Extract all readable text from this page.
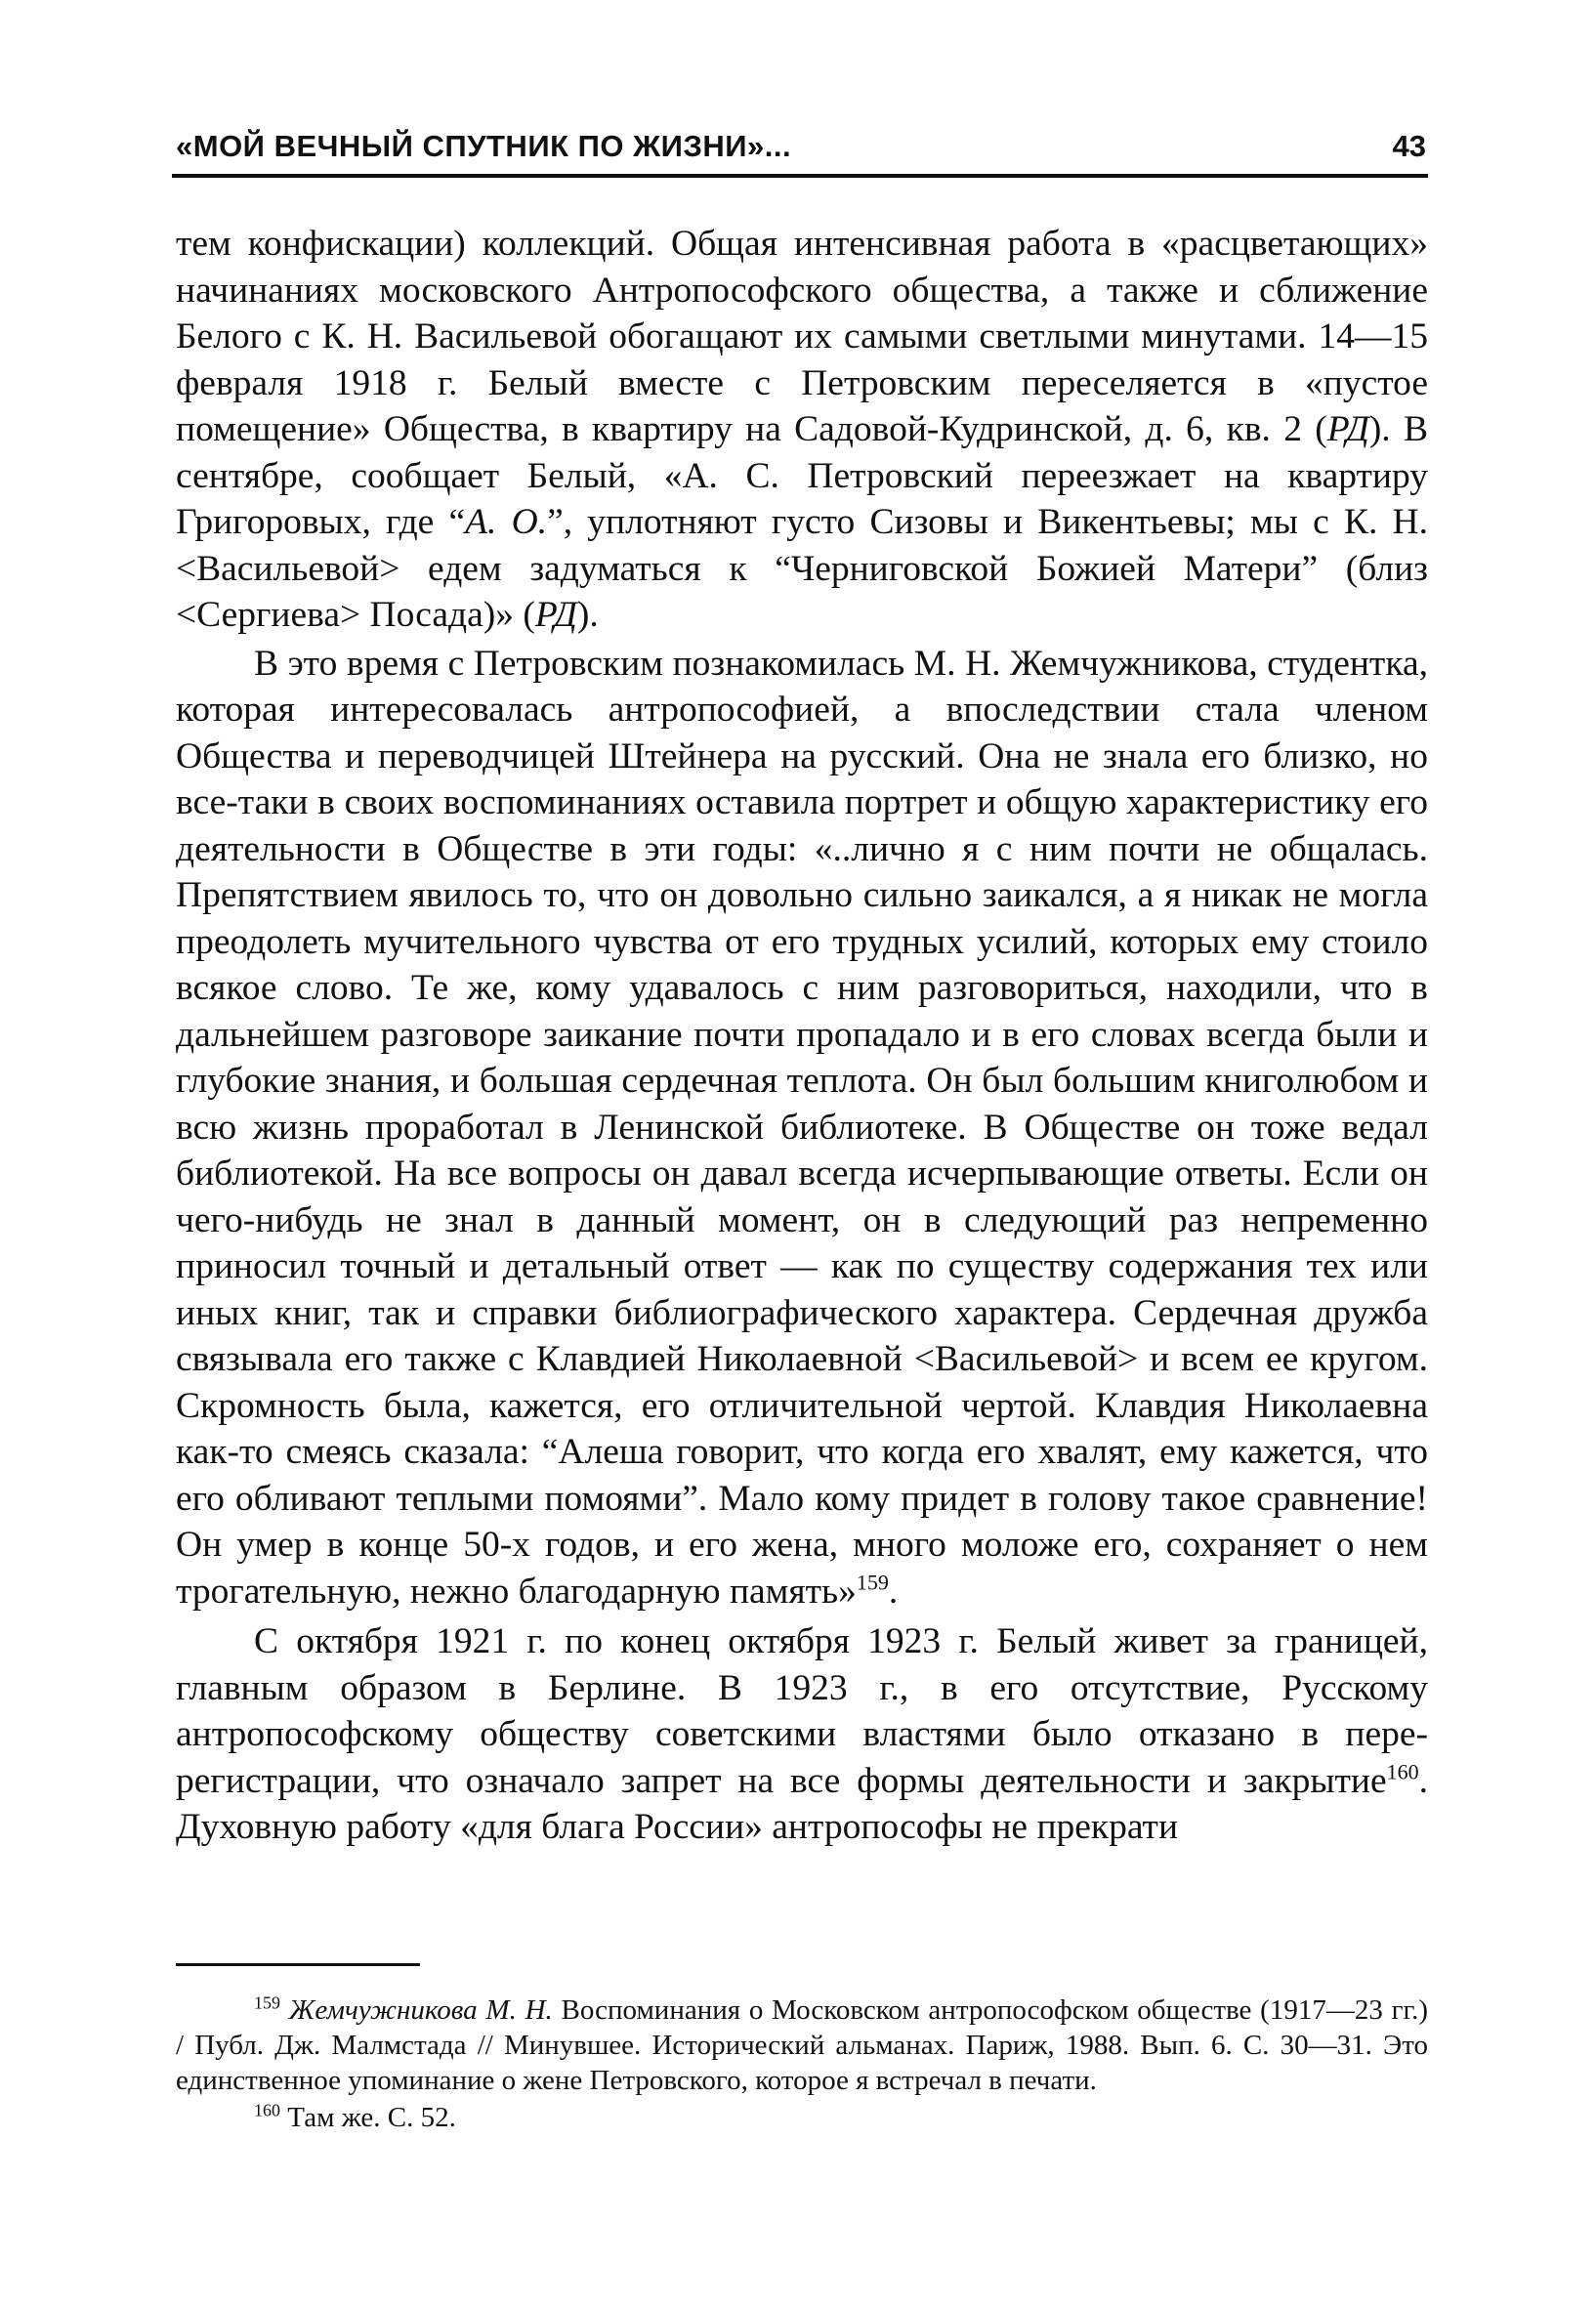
«МОЙ ВЕЧНЫЙ СПУТНИК ПО ЖИЗНИ»...	43

тем конфискации) коллекций. Общая интенсивная работа в «расцветающих» начинаниях московского Антропософского общества, а также и сближение Белого с К. Н. Васильевой обогащают их самыми светлыми минутами. 14—15 февраля 1918 г. Белый вместе с Петровским переселяется в «пустое помещение» Общества, в квартиру на Садовой-Кудринской, д. 6, кв. 2 (РД). В сентябре, сообщает Белый, «А. С. Петровский переезжает на квартиру Григоровых, где “А. О.”, уплотняют густо Сизовы и Викентьевы; мы с К. Н. <Васильевой> едем задуматься к “Черниговской Божией Матери” (близ <Сергиева> Посада)» (РД).

В это время с Петровским познакомилась М. Н. Жемчужникова, студентка, которая интересовалась антропософией, а впоследствии стала членом Общества и переводчицей Штейнера на русский. Она не знала его близко, но все-таки в своих воспоминаниях оставила портрет и общую характеристику его деятельности в Обществе в эти годы: «..лично я с ним почти не общалась. Препятствием явилось то, что он довольно сильно заикался, а я никак не могла преодолеть мучительного чувства от его трудных усилий, которых ему стоило всякое слово. Те же, кому удавалось с ним разговориться, находили, что в дальнейшем разговоре заикание почти пропадало и в его словах всегда были и глубокие знания, и большая сердечная теплота. Он был большим книголюбом и всю жизнь проработал в Ленинской библиотеке. В Обществе он тоже ведал библиотекой. На все вопросы он давал всегда исчерпывающие ответы. Если он чего-нибудь не знал в данный момент, он в следующий раз непременно приносил точный и детальный ответ — как по существу содержания тех или иных книг, так и справки библиографического характера. Сердечная дружба связывала его также с Клавдией Николаевной <Васильевой> и всем ее кругом. Скромность была, кажется, его отличительной чертой. Клавдия Николаевна как-то смеясь сказала: “Алеша говорит, что когда его хвалят, ему кажется, что его обливают теплыми помоями”. Мало кому придет в голову такое сравнение! Он умер в конце 50-х годов, и его жена, много моложе его, сохраняет о нем трогательную, нежно благодарную память»$^{159}$.

С октября 1921 г. по конец октября 1923 г. Белый живет за границей, главным образом в Берлине. В 1923 г., в его отсутствие, Русскому антропософскому обществу советскими властями было отказано в перерегистрации, что означало запрет на все формы деятельности и закрытие$^{160}$. Духовную работу «для блага России» антропософы не прекрати

$^{159}$ Жемчужникова М. Н. Воспоминания о Московском антропософском обществе (1917—23 гг.) / Публ. Дж. Малмстада // Минувшее. Исторический альманах. Париж, 1988. Вып. 6. С. 30—31. Это единственное упоминание о жене Петровского, которое я встречал в печати.

$^{160}$ Там же. С. 52.
